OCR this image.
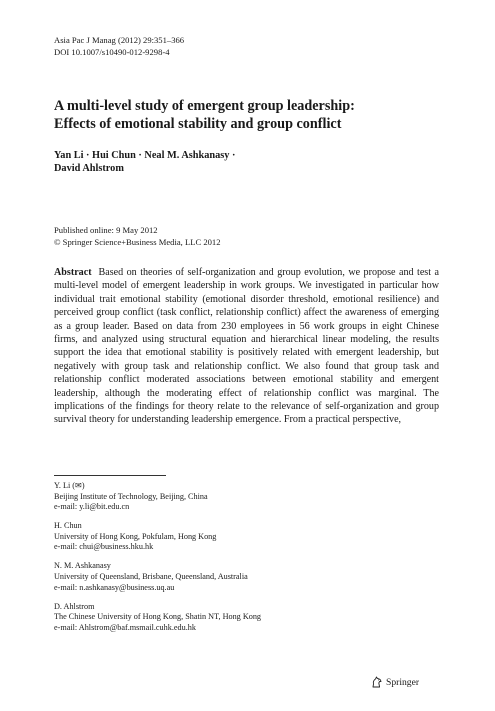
Asia Pac J Manag (2012) 29:351–366
DOI 10.1007/s10490-012-9298-4
A multi-level study of emergent group leadership:
Effects of emotional stability and group conflict
Yan Li · Hui Chun · Neal M. Ashkanasy ·
David Ahlstrom
Published online: 9 May 2012
© Springer Science+Business Media, LLC 2012
Abstract Based on theories of self-organization and group evolution, we propose and test a multi-level model of emergent leadership in work groups. We investigated in particular how individual trait emotional stability (emotional disorder threshold, emotional resilience) and perceived group conflict (task conflict, relationship conflict) affect the awareness of emerging as a group leader. Based on data from 230 employees in 56 work groups in eight Chinese firms, and analyzed using structural equation and hierarchical linear modeling, the results support the idea that emotional stability is positively related with emergent leadership, but negatively with group task and relationship conflict. We also found that group task and relationship conflict moderated associations between emotional stability and emergent leadership, although the moderating effect of relationship conflict was marginal. The implications of the findings for theory relate to the relevance of self-organization and group survival theory for understanding leadership emergence. From a practical perspective,
Y. Li (✉)
Beijing Institute of Technology, Beijing, China
e-mail: y.li@bit.edu.cn
H. Chun
University of Hong Kong, Pokfulam, Hong Kong
e-mail: chui@business.hku.hk
N. M. Ashkanasy
University of Queensland, Brisbane, Queensland, Australia
e-mail: n.ashkanasy@business.uq.au
D. Ahlstrom
The Chinese University of Hong Kong, Shatin NT, Hong Kong
e-mail: Ahlstrom@baf.msmail.cuhk.edu.hk
Springer
